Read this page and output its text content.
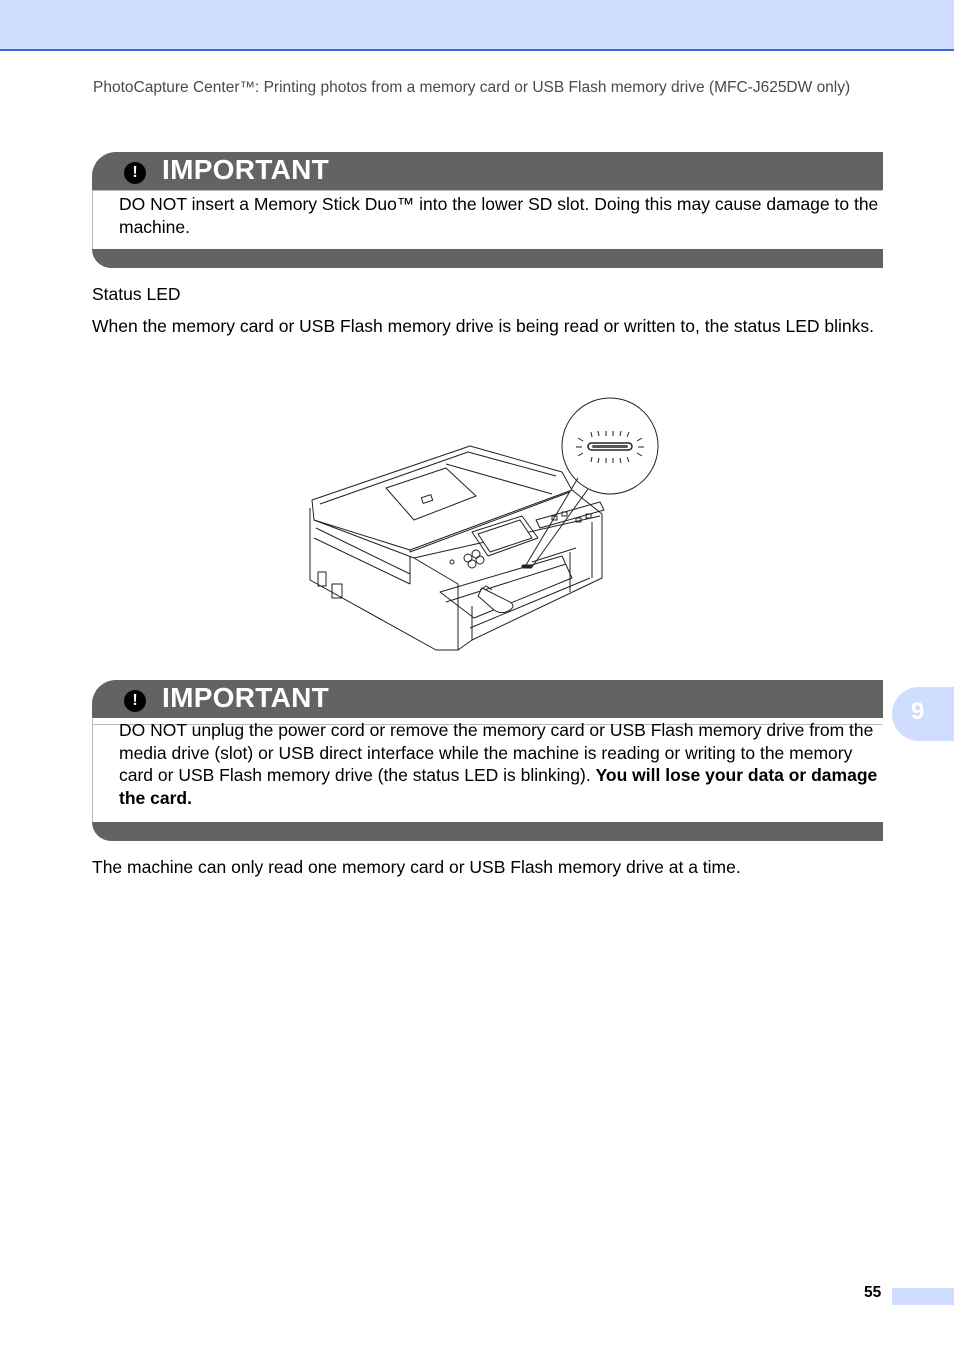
PhotoCapture Center™: Printing photos from a memory card or USB Flash memory drive (MFC-J625DW only)
! IMPORTANT
DO NOT insert a Memory Stick Duo™ into the lower SD slot. Doing this may cause damage to the machine.
Status LED
When the memory card or USB Flash memory drive is being read or written to, the status LED blinks.
! IMPORTANT
DO NOT unplug the power cord or remove the memory card or USB Flash memory drive from the media drive (slot) or USB direct interface while the machine is reading or writing to the memory card or USB Flash memory drive (the status LED is blinking). You will lose your data or damage the card.
The machine can only read one memory card or USB Flash memory drive at a time.
9
55
